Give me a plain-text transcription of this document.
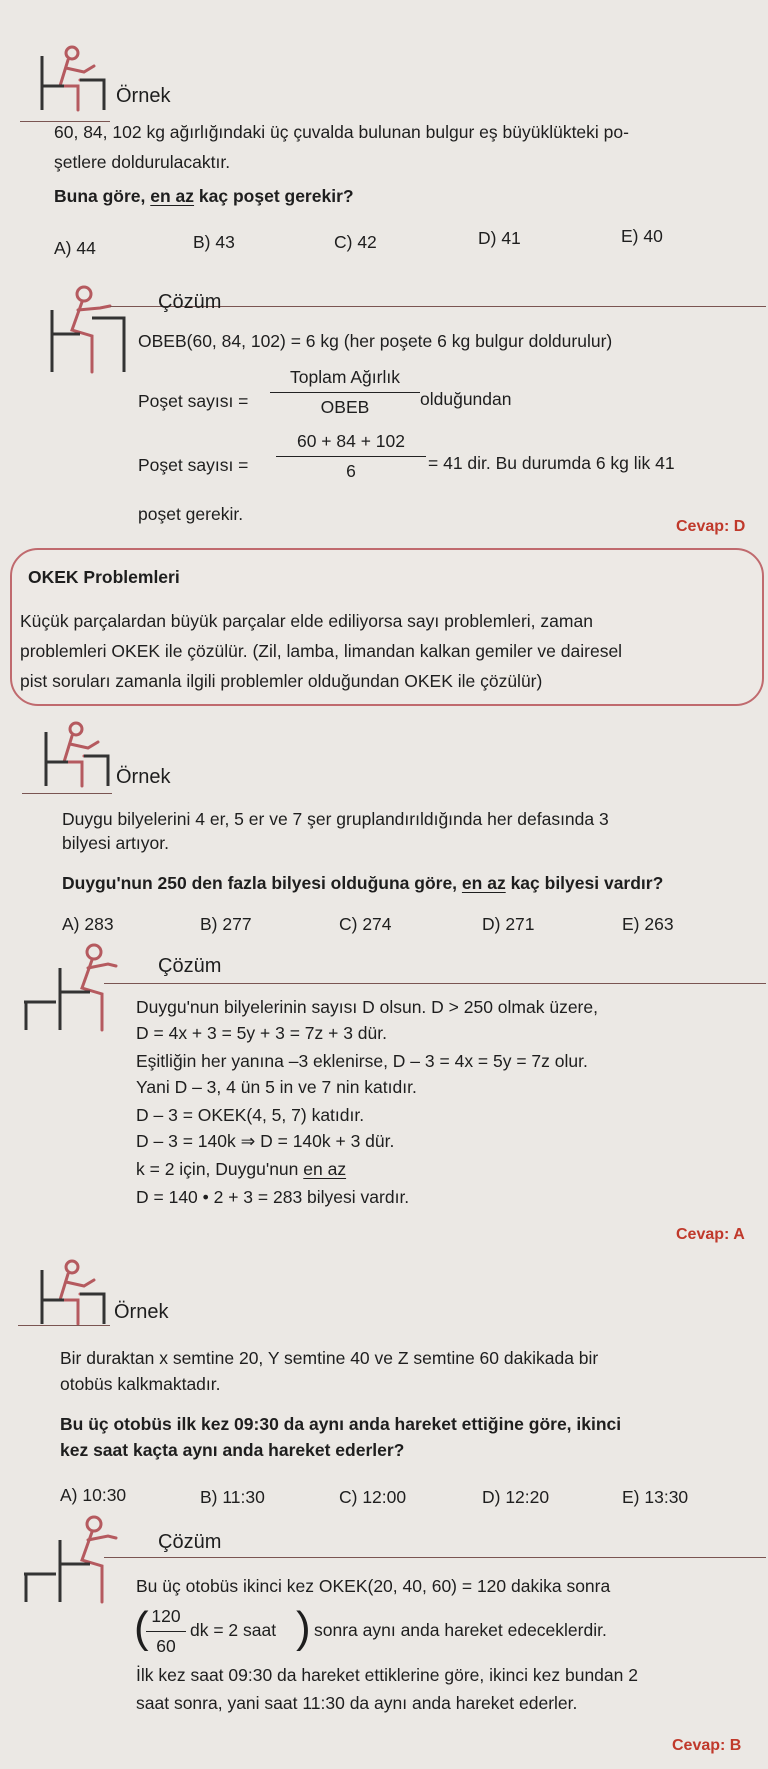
Örnek
60, 84, 102 kg ağırlığındaki üç çuvalda bulunan bulgur eş büyüklükteki po-
şetlere doldurulacaktır.
Buna göre, en az kaç poşet gerekir?
A) 44	B) 43	C) 42	D) 41	E) 40
Çözüm
OBEB(60, 84, 102) = 6 kg (her poşete 6 kg bulgur doldurulur)
Poşet sayısı =
Toplam Ağırlık
OBEB	olduğundan
Poşet sayısı =
60 + 84 + 102
6	= 41 dir. Bu durumda 6 kg lik 41
poşet gerekir.
Cevap: D
OKEK Problemleri
Küçük parçalardan büyük parçalar elde ediliyorsa sayı problemleri, zaman
problemleri OKEK ile çözülür. (Zil, lamba, limandan kalkan gemiler ve dairesel
pist soruları zamanla ilgili problemler olduğundan OKEK ile çözülür)
Örnek
Duygu bilyelerini 4 er, 5 er ve 7 şer gruplandırıldığında her defasında 3
bilyesi artıyor.
Duygu'nun 250 den fazla bilyesi olduğuna göre, en az kaç bilyesi vardır?
A) 283	B) 277	C) 274	D) 271	E) 263
Çözüm
Duygu'nun bilyelerinin sayısı D olsun. D > 250 olmak üzere,
D = 4x + 3 = 5y + 3 = 7z + 3 dür.
Eşitliğin her yanına –3 eklenirse, D – 3 = 4x = 5y = 7z olur.
Yani D – 3, 4 ün 5 in ve 7 nin katıdır.
D – 3 = OKEK(4, 5, 7) katıdır.
D – 3 = 140k ⇒ D = 140k + 3 dür.
k = 2 için, Duygu'nun en az
D = 140 • 2 + 3 = 283 bilyesi vardır.
Cevap: A
Örnek
Bir duraktan x semtine 20, Y semtine 40 ve Z semtine 60 dakikada bir
otobüs kalkmaktadır.
Bu üç otobüs ilk kez 09:30 da aynı anda hareket ettiğine göre, ikinci
kez saat kaçta aynı anda hareket ederler?
A) 10:30	B) 11:30	C) 12:00	D) 12:20	E) 13:30
Çözüm
Bu üç otobüs ikinci kez OKEK(20, 40, 60) = 120 dakika sonra
( 120
60
dk = 2 saat ) sonra aynı anda hareket edeceklerdir.
İlk kez saat 09:30 da hareket ettiklerine göre, ikinci kez bundan 2
saat sonra, yani saat 11:30 da aynı anda hareket ederler.
Cevap: B
